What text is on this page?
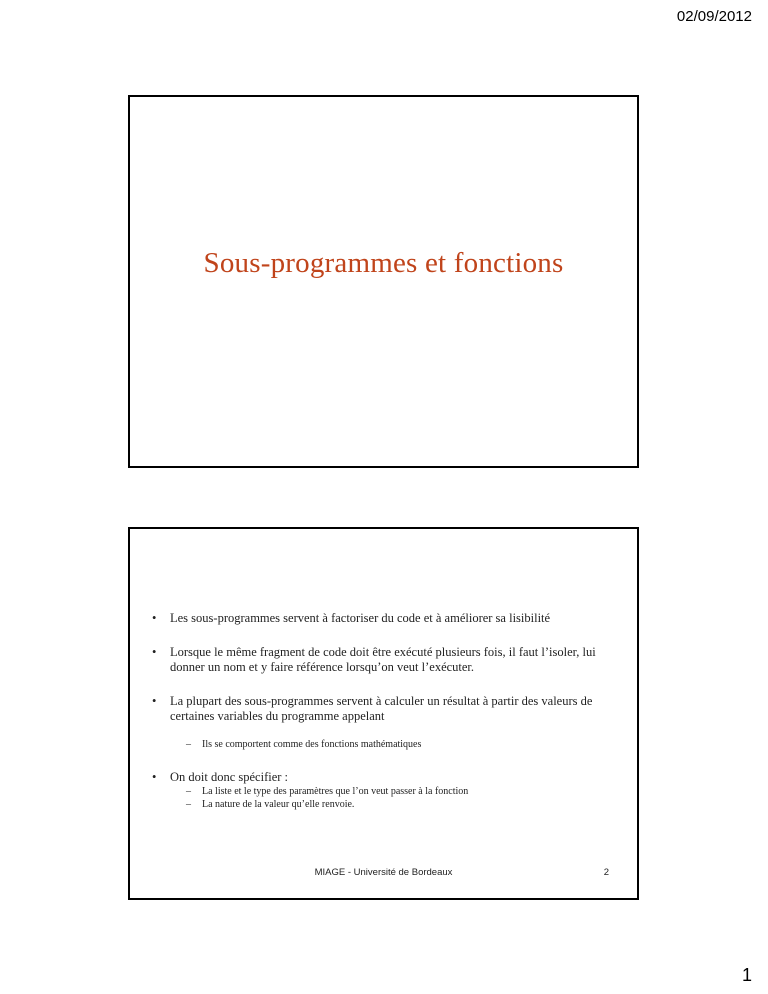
02/09/2012
Sous-programmes et fonctions
• Les sous-programmes servent à factoriser du code et à améliorer sa lisibilité
• Lorsque le même fragment de code doit être exécuté plusieurs fois, il faut l’isoler, lui donner un nom et y faire référence lorsqu’on veut l’exécuter.
• La plupart des sous-programmes servent à calculer un résultat à partir des valeurs de certaines variables du programme appelant
– Ils se comportent comme des fonctions mathématiques
• On doit donc spécifier :
– La liste et le type des paramètres que l’on veut passer à la fonction
– La nature de la valeur qu’elle renvoie.
MIAGE - Université de Bordeaux	2
1
